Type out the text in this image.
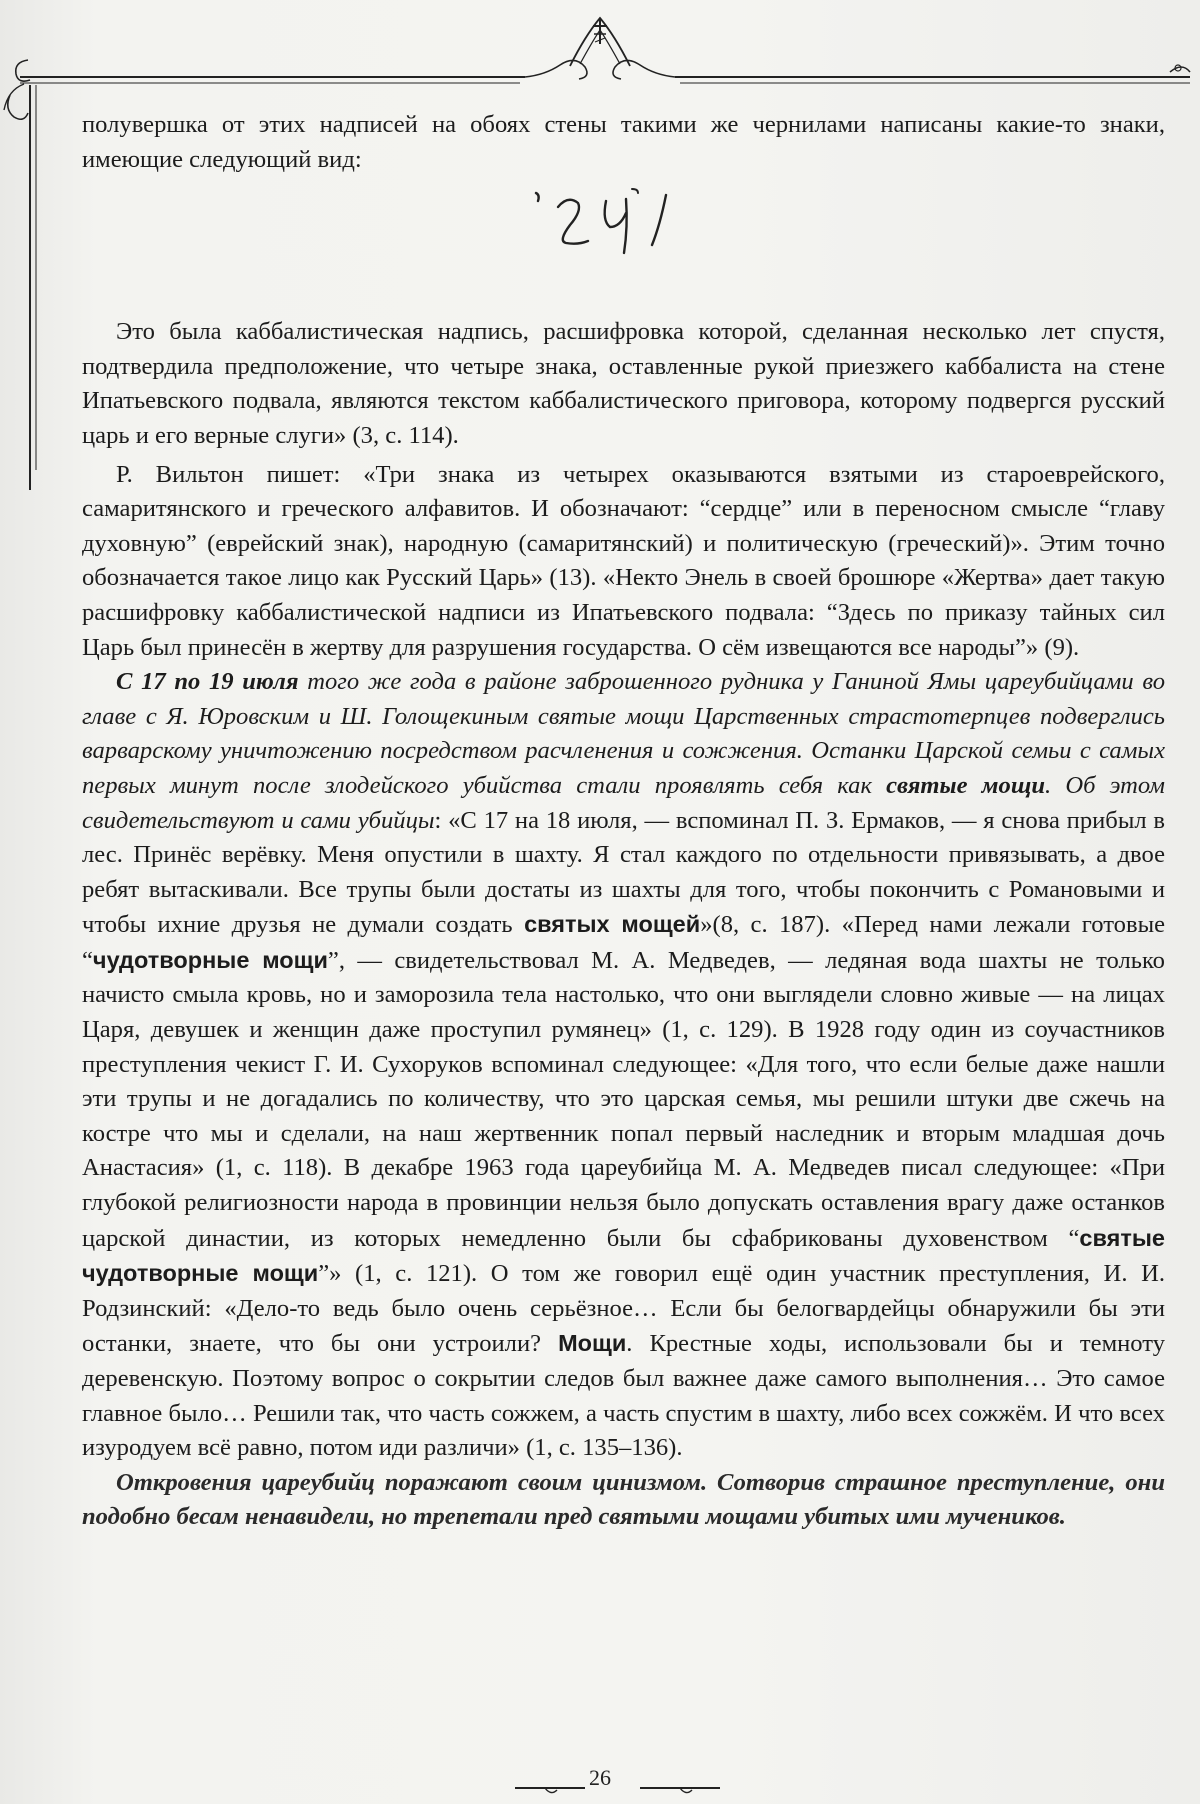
полувершка от этих надписей на обоях стены такими же чернилами написаны какие-то знаки, имеющие следующий вид:

Это была каббалистическая надпись, расшифровка которой, сделанная несколько лет спустя, подтвердила предположение, что четыре знака, оставленные рукой приезжего каббалиста на стене Ипатьевского подвала, являются текстом каббалистического приговора, которому подвергся русский царь и его верные слуги» (3, с. 114).

Р. Вильтон пишет: «Три знака из четырех оказываются взятыми из староеврейского, самаритянского и греческого алфавитов. И обозначают: “сердце” или в переносном смысле “главу духовную” (еврейский знак), народную (самаритянский) и политическую (греческий)». Этим точно обозначается такое лицо как Русский Царь» (13). «Некто Энель в своей брошюре «Жертва» дает такую расшифровку каббалистической надписи из Ипатьевского подвала: “Здесь по приказу тайных сил Царь был принесён в жертву для разрушения государства. О сём извещаются все народы”» (9).

С 17 по 19 июля того же года в районе заброшенного рудника у Ганиной Ямы цареубийцами во главе с Я. Юровским и Ш. Голощекиным святые мощи Царственных страстотерпцев подверглись варварскому уничтожению посредством расчленения и сожжения. Останки Царской семьи с самых первых минут после злодейского убийства стали проявлять себя как святые мощи. Об этом свидетельствуют и сами убийцы: «С 17 на 18 июля, — вспоминал П. З. Ермаков, — я снова прибыл в лес. Принёс верёвку. Меня опустили в шахту. Я стал каждого по отдельности привязывать, а двое ребят вытаскивали. Все трупы были достаты из шахты для того, чтобы покончить с Романовыми и чтобы ихние друзья не думали создать святых мощей»(8, с. 187). «Перед нами лежали готовые “чудотворные мощи”, — свидетельствовал М. А. Медведев, — ледяная вода шахты не только начисто смыла кровь, но и заморозила тела настолько, что они выглядели словно живые — на лицах Царя, девушек и женщин даже проступил румянец» (1, с. 129). В 1928 году один из соучастников преступления чекист Г. И. Сухоруков вспоминал следующее: «Для того, что если белые даже нашли эти трупы и не догадались по количеству, что это царская семья, мы решили штуки две сжечь на костре что мы и сделали, на наш жертвенник попал первый наследник и вторым младшая дочь Анастасия» (1, с. 118). В декабре 1963 года цареубийца М. А. Медведев писал следующее: «При глубокой религиозности народа в провинции нельзя было допускать оставления врагу даже останков царской династии, из которых немедленно были бы сфабрикованы духовенством “святые чудотворные мощи”» (1, с. 121). О том же говорил ещё один участник преступления, И. И. Родзинский: «Дело-то ведь было очень серьёзное… Если бы белогвардейцы обнаружили бы эти останки, знаете, что бы они устроили? Мощи. Крестные ходы, использовали бы и темноту деревенскую. Поэтому вопрос о сокрытии следов был важнее даже самого выполнения… Это самое главное было… Решили так, что часть сожжем, а часть спустим в шахту, либо всех сожжём. И что всех изуродуем всё равно, потом иди различи» (1, с. 135–136).

Откровения цареубийц поражают своим цинизмом. Сотворив страшное преступление, они подобно бесам ненавидели, но трепетали пред святыми мощами убитых ими мучеников.

26
